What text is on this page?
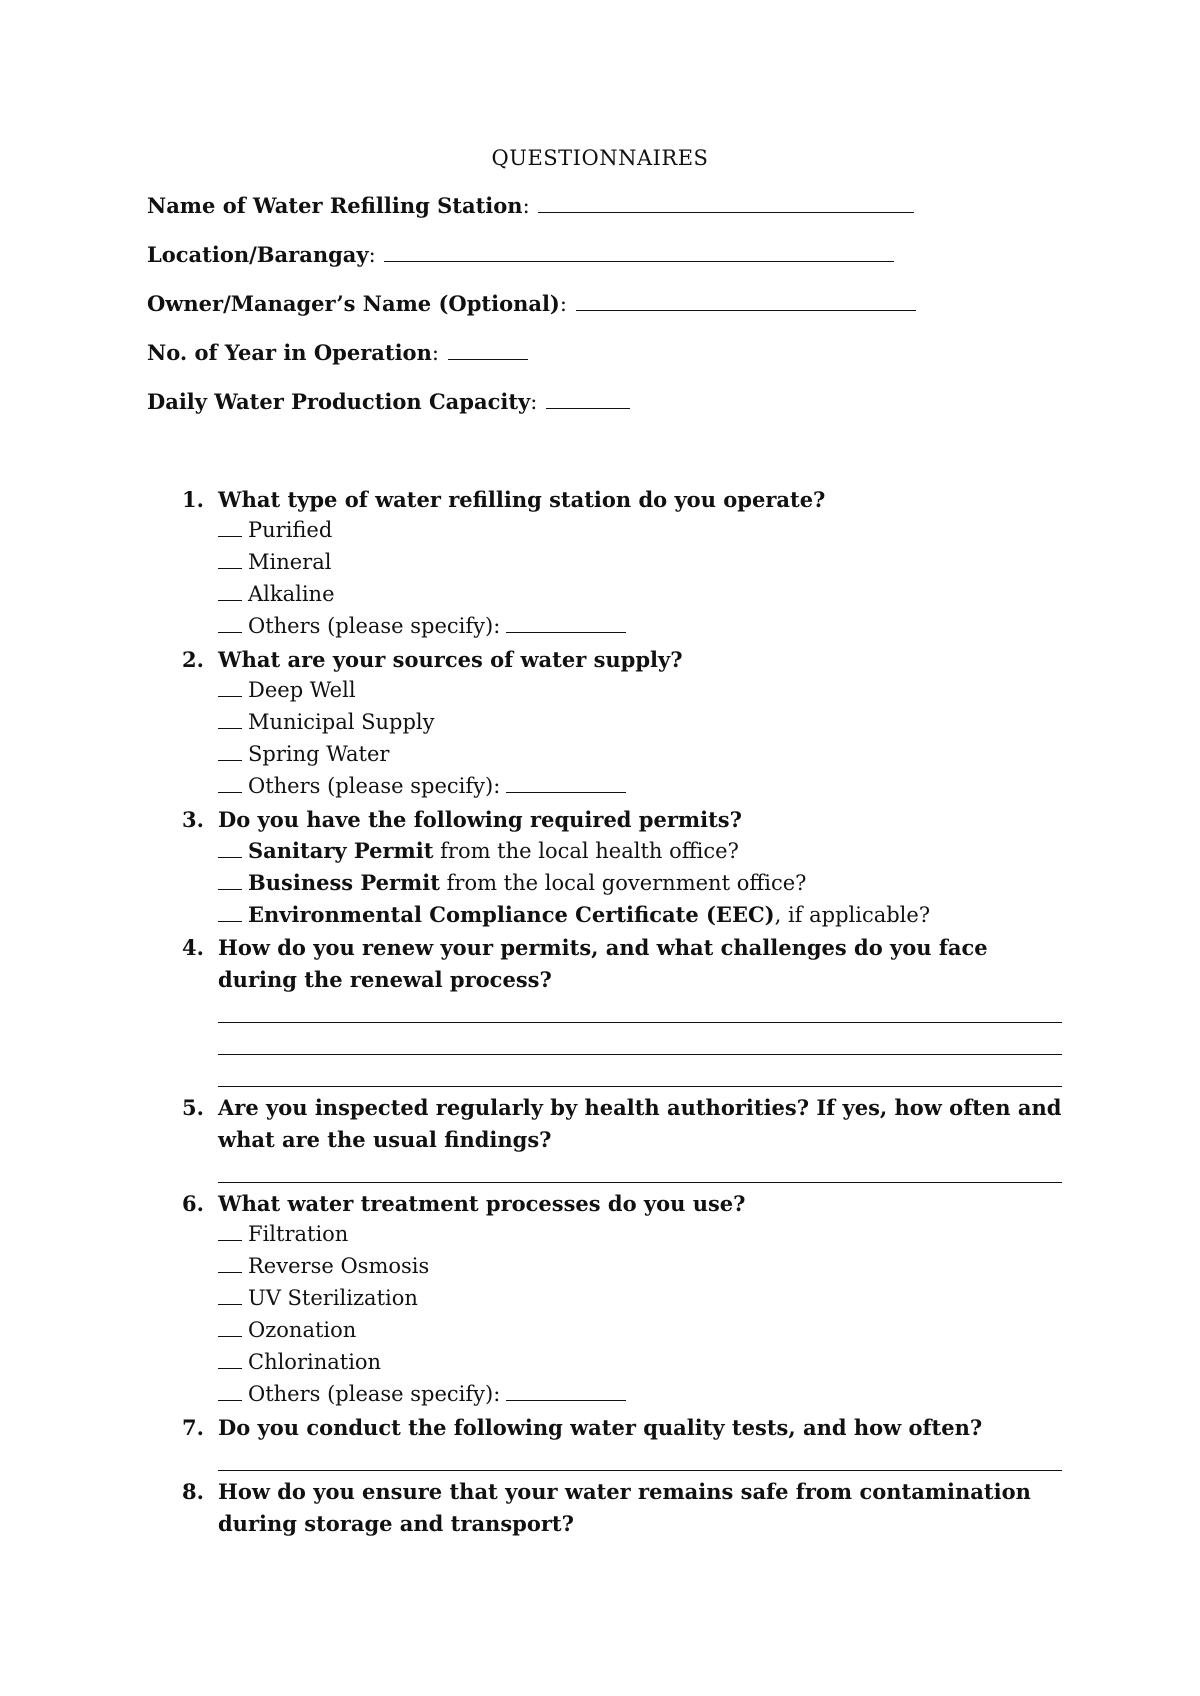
QUESTIONNAIRES
Name of Water Refilling Station:
Location/Barangay:
Owner/Manager’s Name (Optional):
No. of Year in Operation:
Daily Water Production Capacity:
1. What type of water refilling station do you operate?
Purified
Mineral
Alkaline
Others (please specify):
2. What are your sources of water supply?
Deep Well
Municipal Supply
Spring Water
Others (please specify):
3. Do you have the following required permits?
Sanitary Permit from the local health office?
Business Permit from the local government office?
Environmental Compliance Certificate (EEC), if applicable?
4. How do you renew your permits, and what challenges do you face during the renewal process?
5. Are you inspected regularly by health authorities? If yes, how often and what are the usual findings?
6. What water treatment processes do you use?
Filtration
Reverse Osmosis
UV Sterilization
Ozonation
Chlorination
Others (please specify):
7. Do you conduct the following water quality tests, and how often?
8. How do you ensure that your water remains safe from contamination during storage and transport?
